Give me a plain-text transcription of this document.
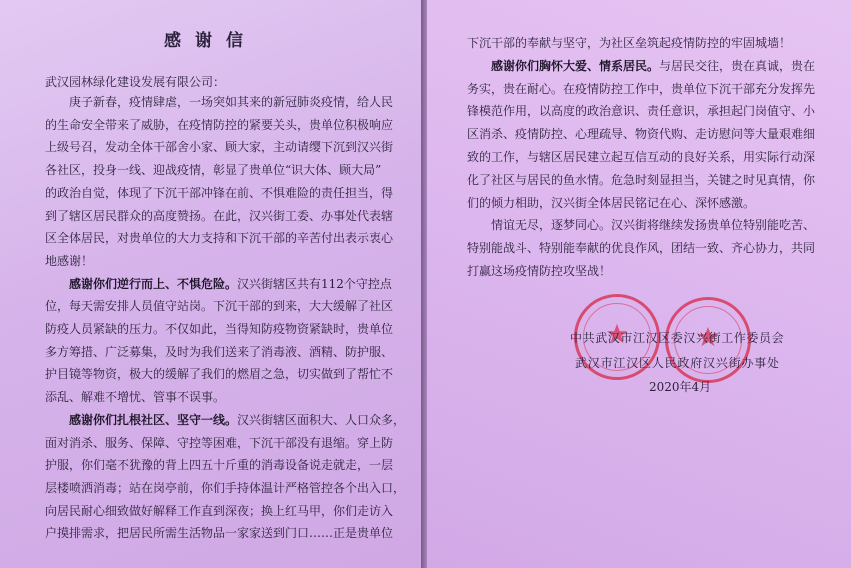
感谢信
武汉园林绿化建设发展有限公司：
庚子新春，疫情肆虐，一场突如其来的新冠肺炎疫情，给人民
的生命安全带来了威胁，在疫情防控的紧要关头，贵单位积极响应
上级号召，发动全体干部舍小家、顾大家，主动请缨下沉到汉兴街
各社区，投身一线、迎战疫情，彰显了贵单位“识大体、顾大局”
的政治自觉，体现了下沉干部冲锋在前、不惧难险的责任担当，得
到了辖区居民群众的高度赞扬。在此，汉兴街工委、办事处代表辖
区全体居民，对贵单位的大力支持和下沉干部的辛苦付出表示衷心
地感谢！
感谢你们逆行而上、不惧危险。汉兴街辖区共有112个守控点
位，每天需安排人员值守站岗。下沉干部的到来，大大缓解了社区
防疫人员紧缺的压力。不仅如此，当得知防疫物资紧缺时，贵单位
多方筹措、广泛募集，及时为我们送来了消毒液、酒精、防护服、
护目镜等物资，极大的缓解了我们的燃眉之急，切实做到了帮忙不
添乱、解难不增忧、管事不误事。
感谢你们扎根社区、坚守一线。汉兴街辖区面积大、人口众多，
面对消杀、服务、保障、守控等困难，下沉干部没有退缩。穿上防
护服，你们毫不犹豫的背上四五十斤重的消毒设备说走就走，一层
层楼喷洒消毒；站在岗亭前，你们手持体温计严格管控各个出入口，
向居民耐心细致做好解释工作直到深夜；换上红马甲，你们走访入
户摸排需求，把居民所需生活物品一家家送到门口……正是贵单位
中共武汉市江汉区委汉兴街工作委员会
武汉市江汉区人民政府汉兴街办事处
2020年4月
下沉干部的奉献与坚守，为社区垒筑起疫情防控的牢固城墙！
感谢你们胸怀大爱、情系居民。与居民交往，贵在真诚，贵在
务实，贵在耐心。在疫情防控工作中，贵单位下沉干部充分发挥先
锋模范作用，以高度的政治意识、责任意识，承担起门岗值守、小
区消杀、疫情防控、心理疏导、物资代购、走访慰问等大量艰难细
致的工作，与辖区居民建立起互信互动的良好关系，用实际行动深
化了社区与居民的鱼水情。危急时刻显担当，关键之时见真情，你
们的倾力相助，汉兴街全体居民铭记在心、深怀感激。
情谊无尽，逐梦同心。汉兴街将继续发扬贵单位特别能吃苦、
特别能战斗、特别能奉献的优良作风，团结一致、齐心协力，共同
打赢这场疫情防控攻坚战！
